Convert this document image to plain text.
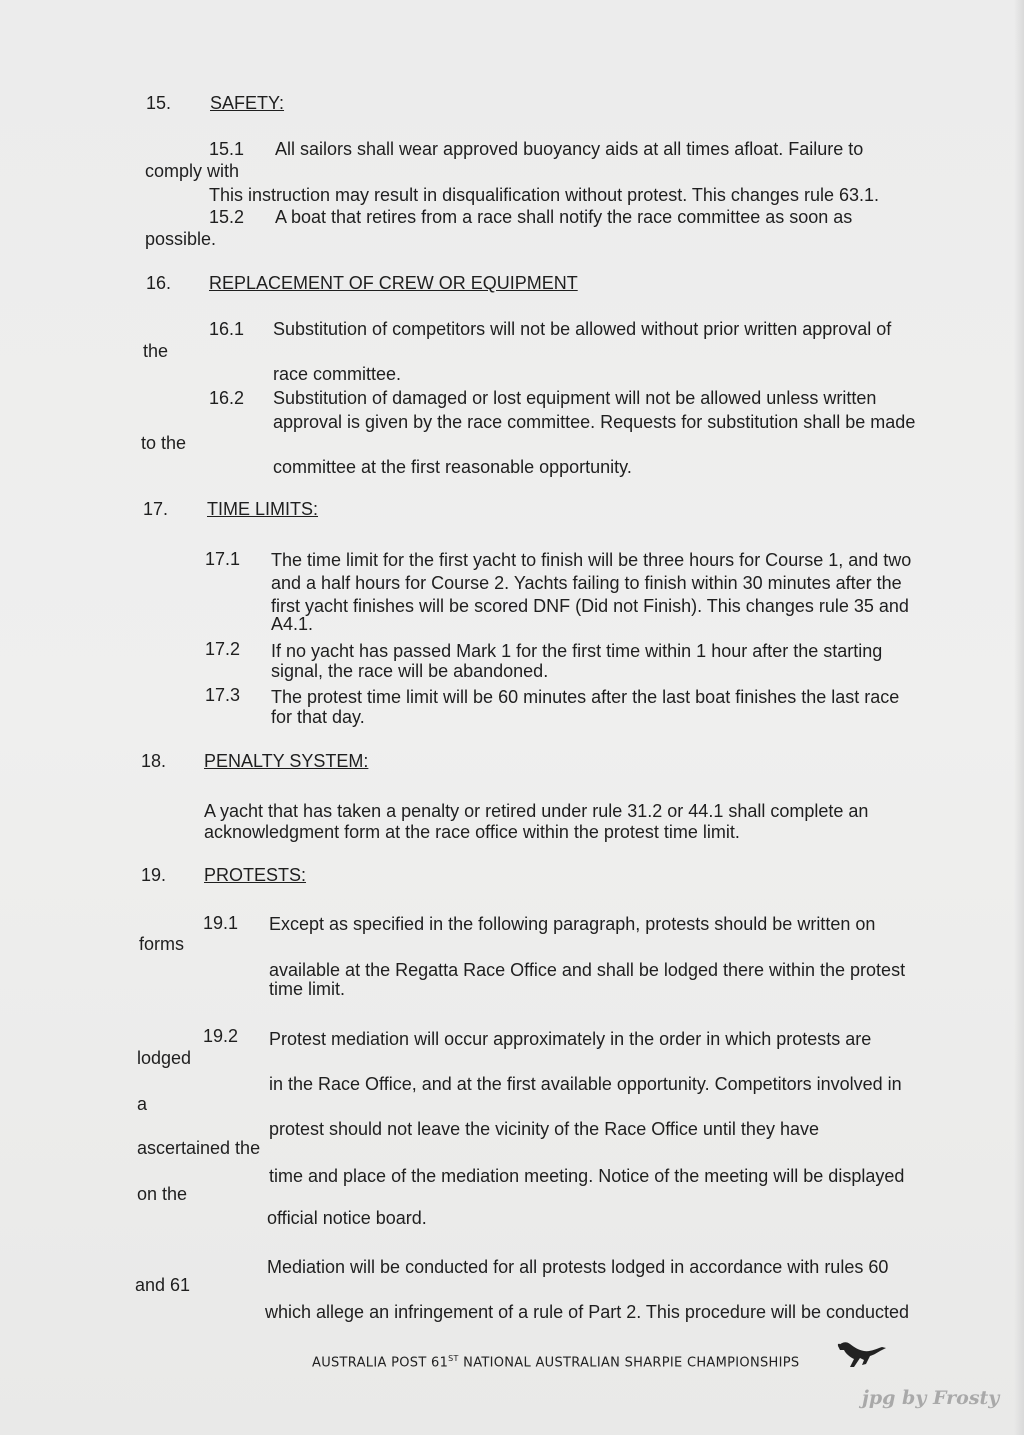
15. SAFETY:
15.1 All sailors shall wear approved buoyancy aids at all times afloat. Failure to
comply with
This instruction may result in disqualification without protest. This changes rule 63.1.
15.2 A boat that retires from a race shall notify the race committee as soon as
possible.
16. REPLACEMENT OF CREW OR EQUIPMENT
16.1 Substitution of competitors will not be allowed without prior written approval of
the
race committee.
16.2 Substitution of damaged or lost equipment will not be allowed unless written
approval is given by the race committee. Requests for substitution shall be made
to the
committee at the first reasonable opportunity.
17. TIME LIMITS:
17.1 The time limit for the first yacht to finish will be three hours for Course 1, and two
and a half hours for Course 2. Yachts failing to finish within 30 minutes after the
first yacht finishes will be scored DNF (Did not Finish). This changes rule 35 and
A4.1.
17.2 If no yacht has passed Mark 1 for the first time within 1 hour after the starting
signal, the race will be abandoned.
17.3 The protest time limit will be 60 minutes after the last boat finishes the last race
for that day.
18. PENALTY SYSTEM:
A yacht that has taken a penalty or retired under rule 31.2 or 44.1 shall complete an
acknowledgment form at the race office within the protest time limit.
19. PROTESTS:
19.1 Except as specified in the following paragraph, protests should be written on
forms
available at the Regatta Race Office and shall be lodged there within the protest
time limit.
19.2 Protest mediation will occur approximately in the order in which protests are
lodged
in the Race Office, and at the first available opportunity. Competitors involved in
a
protest should not leave the vicinity of the Race Office until they have
ascertained the
time and place of the mediation meeting. Notice of the meeting will be displayed
on the
official notice board.
Mediation will be conducted for all protests lodged in accordance with rules 60
and 61
which allege an infringement of a rule of Part 2. This procedure will be conducted
AUSTRALIA POST 61ST NATIONAL AUSTRALIAN SHARPIE CHAMPIONSHIPS
jpg by Frosty
